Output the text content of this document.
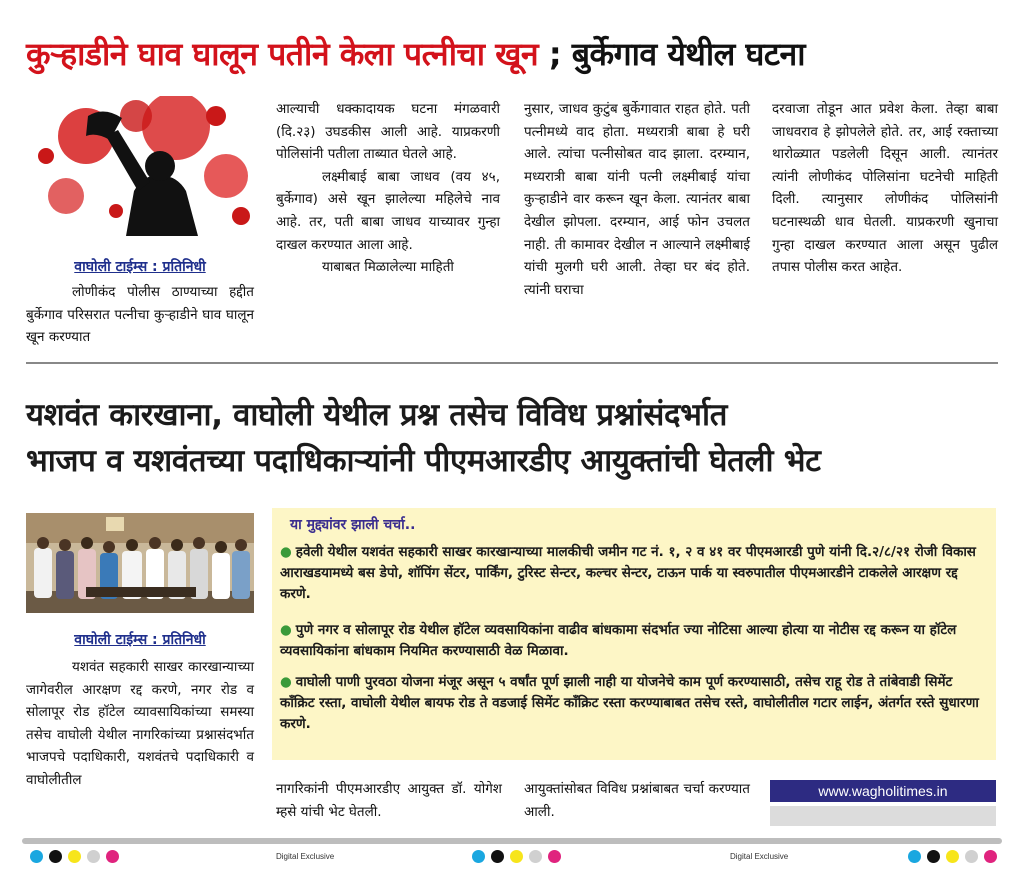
कुऱ्हाडीने घाव घालून पतीने केला पत्नीचा खून ; बुर्केगाव येथील घटना
वाघोली टाईम्स : प्रतिनिधी

लोणीकंद पोलीस ठाण्याच्या हद्दीत बुर्केगाव परिसरात पत्नीचा कुऱ्हाडीने घाव घालून खून करण्यात

आल्याची धक्कादायक घटना मंगळवारी (दि.२३) उघडकीस आली आहे. याप्रकरणी पोलिसांनी पतीला ताब्यात घेतले आहे.

लक्ष्मीबाई बाबा जाधव (वय ४५, बुर्केगाव) असे खून झालेल्या महिलेचे नाव आहे. तर, पती बाबा जाधव याच्यावर गुन्हा दाखल करण्यात आला आहे.

याबाबत मिळालेल्या माहिती

नुसार, जाधव कुटुंब बुर्केगावात राहत होते. पती पत्नीमध्ये वाद होता. मध्यरात्री बाबा हे घरी आले. त्यांचा पत्नीसोबत वाद झाला. दरम्यान, मध्यरात्री बाबा यांनी पत्नी लक्ष्मीबाई यांचा कुऱ्हाडीने वार करून खून केला. त्यानंतर बाबा देखील झोपला. दरम्यान, आई फोन उचलत नाही. ती कामावर देखील न आल्याने लक्ष्मीबाई यांची मुलगी घरी आली. तेव्हा घर बंद होते. त्यांनी घराचा

दरवाजा तोडून आत प्रवेश केला. तेव्हा बाबा जाधवराव हे झोपलेले होते. तर, आई रक्ताच्या थारोळ्यात पडलेली दिसून आली. त्यानंतर त्यांनी लोणीकंद पोलिसांना घटनेची माहिती दिली. त्यानुसार लोणीकंद पोलिसांनी घटनास्थळी धाव घेतली. याप्रकरणी खुनाचा गुन्हा दाखल करण्यात आला असून पुढील तपास पोलीस करत आहेत.

यशवंत कारखाना, वाघोली येथील प्रश्न तसेच विविध प्रश्नांसंदर्भात
भाजप व यशवंतच्या पदाधिकाऱ्यांनी पीएमआरडीए आयुक्तांची घेतली भेट
वाघोली टाईम्स : प्रतिनिधी

यशवंत सहकारी साखर कारखान्याच्या जागेवरील आरक्षण रद्द करणे, नगर रोड व सोलापूर रोड हॉटेल व्यावसायिकांच्या समस्या तसेच वाघोली येथील नागरिकांच्या प्रश्नासंदर्भात भाजपचे पदाधिकारी, यशवंतचे पदाधिकारी व वाघोलीतील

या मुद्द्यांवर झाली चर्चा..
● हवेली येथील यशवंत सहकारी साखर कारखान्याच्या मालकीची जमीन गट नं. १, २ व ४१ वर पीएमआरडी पुणे यांनी दि.२/८/२१ रोजी विकास आराखडयामध्ये बस डेपो, शॉपिंग सेंटर, पार्किंग, टुरिस्ट सेन्टर, कल्चर सेन्टर, टाऊन पार्क या स्वरुपातील पीएमआरडीने टाकलेले आरक्षण रद्द करणे.
● पुणे नगर व सोलापूर रोड येथील हॉटेल व्यवसायिकांना वाढीव बांधकामा संदर्भात ज्या नोटिसा आल्या होत्या या नोटीस रद्द करून या हॉटेल व्यवसायिकांना बांधकाम नियमित करण्यासाठी वेळ मिळावा.
● वाघोली पाणी पुरवठा योजना मंजूर असून ५ वर्षांत पूर्ण झाली नाही या योजनेचे काम पूर्ण करण्यासाठी, तसेच राहू रोड ते तांबेवाडी सिमेंट कॉंक्रिट रस्ता, वाघोली येथील बायफ रोड ते वडजाई सिमेंट कॉंक्रिट रस्ता करण्याबाबत तसेच रस्ते, वाघोलीतील गटार लाईन, अंतर्गत रस्ते सुधारणा करणे.

नागरिकांनी पीएमआरडीए आयुक्त डॉ. योगेश म्हसे यांची भेट घेतली.

आयुक्तांसोबत विविध प्रश्नांबाबत चर्चा करण्यात आली.

www.wagholitimes.in
Digital Exclusive	Digital Exclusive
